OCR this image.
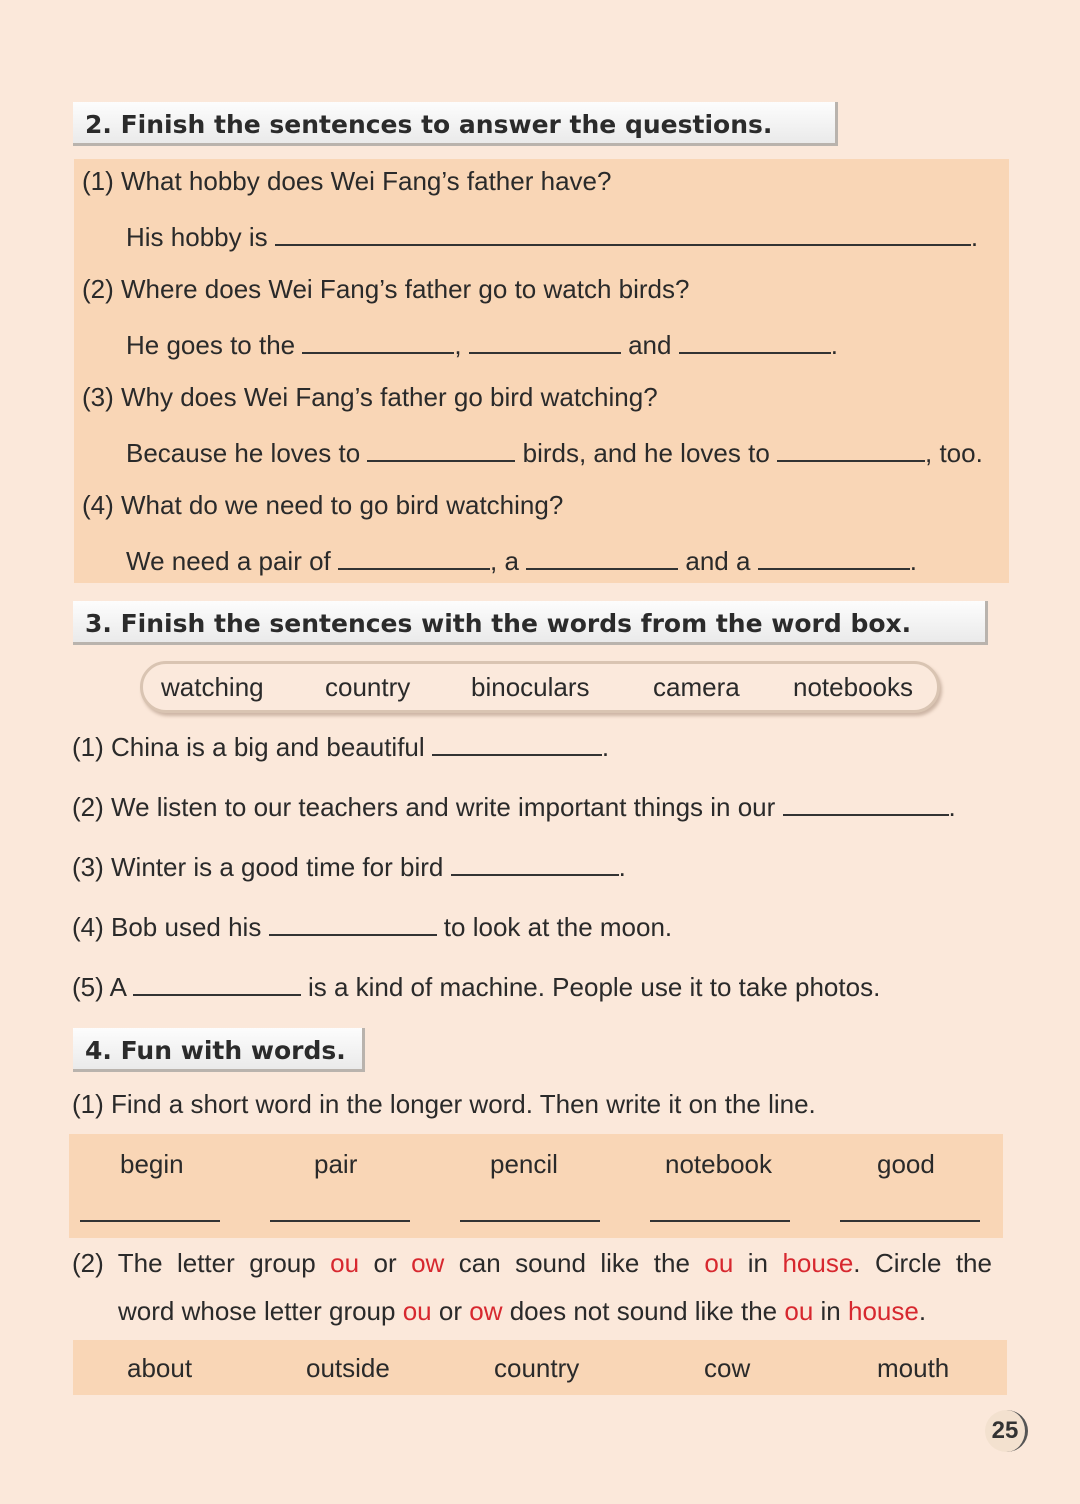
2. Finish the sentences to answer the questions.
(1) What hobby does Wei Fang’s father have?
His hobby is	.
(2) Where does Wei Fang’s father go to watch birds?
He goes to the	,	and	.
(3) Why does Wei Fang’s father go bird watching?
Because he loves to	birds, and he loves to	, too.
(4) What do we need to go bird watching?
We need a pair of	, a	and a	.
3. Finish the sentences with the words from the word box.
watching country binoculars camera notebooks
(1) China is a big and beautiful	.
(2) We listen to our teachers and write important things in our	.
(3) Winter is a good time for bird	.
(4) Bob used his	to look at the moon.
(5) A	is a kind of machine. People use it to take photos.
4. Fun with words.
(1) Find a short word in the longer word. Then write it on the line.
begin	pair	pencil	notebook	good
(2) The letter group ou or ow can sound like the ou in house. Circle the
word whose letter group ou or ow does not sound like the ou in house.
about	outside	country	cow	mouth
25
